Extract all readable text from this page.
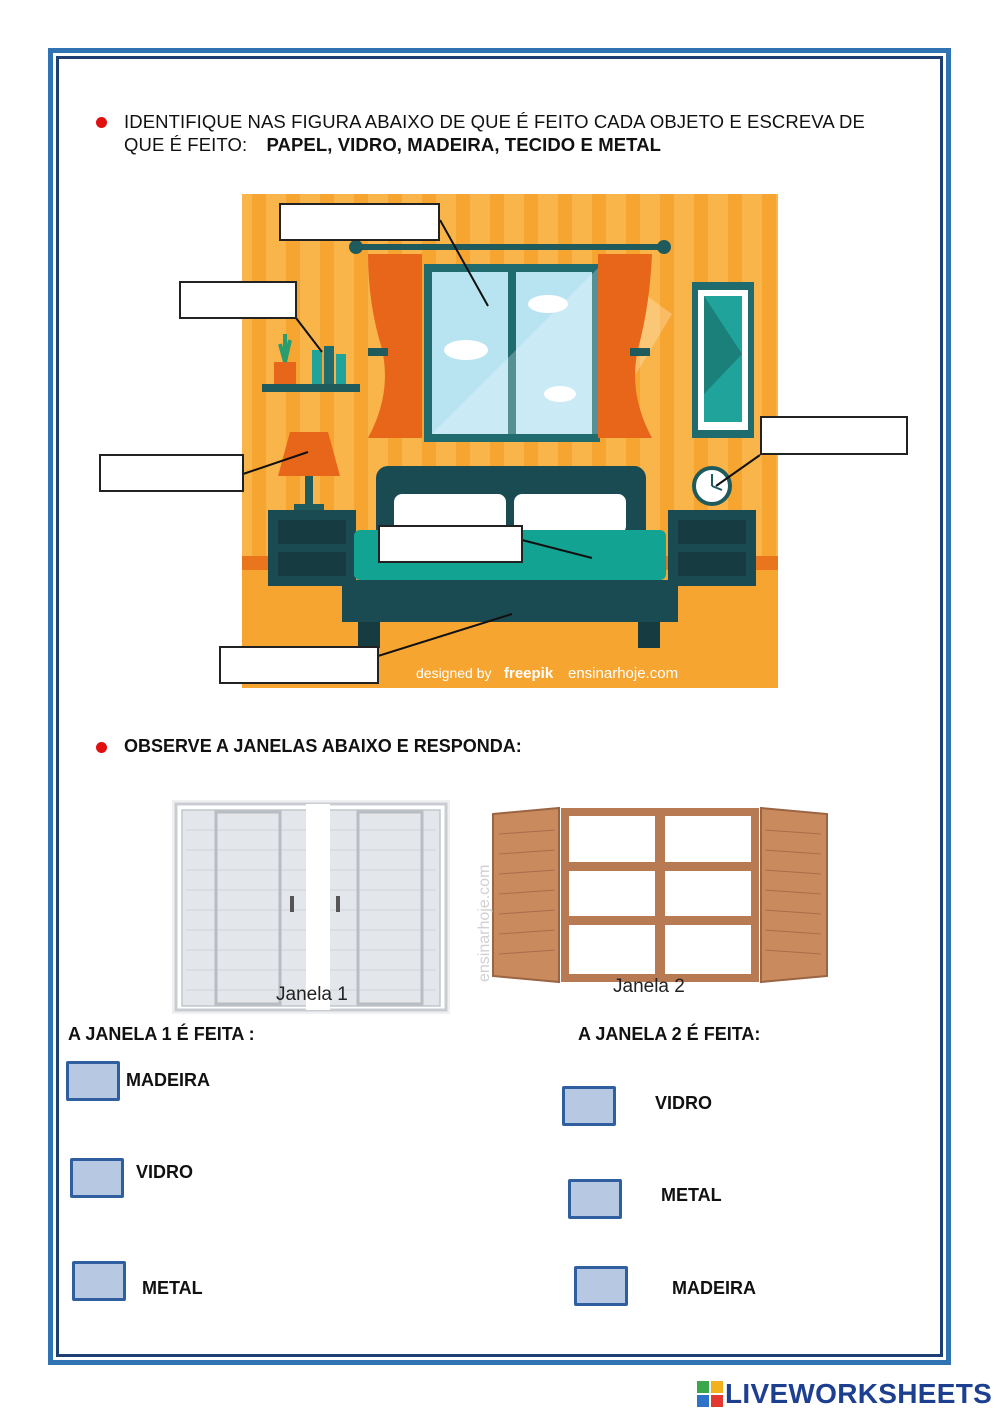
IDENTIFIQUE NAS FIGURA ABAIXO DE QUE É FEITO CADA OBJETO E ESCREVA DE
QUE É FEITO: PAPEL, VIDRO, MADEIRA, TECIDO E METAL
designed by freepik ensinarhoje.com
OBSERVE A JANELAS ABAIXO E RESPONDA:
Janela 1
ensinarhoje.com
Janela 2
A JANELA 1 É FEITA :	A JANELA 2 É FEITA:
MADEIRA
VIDRO
METAL
VIDRO
METAL
MADEIRA
LIVEWORKSHEETS
